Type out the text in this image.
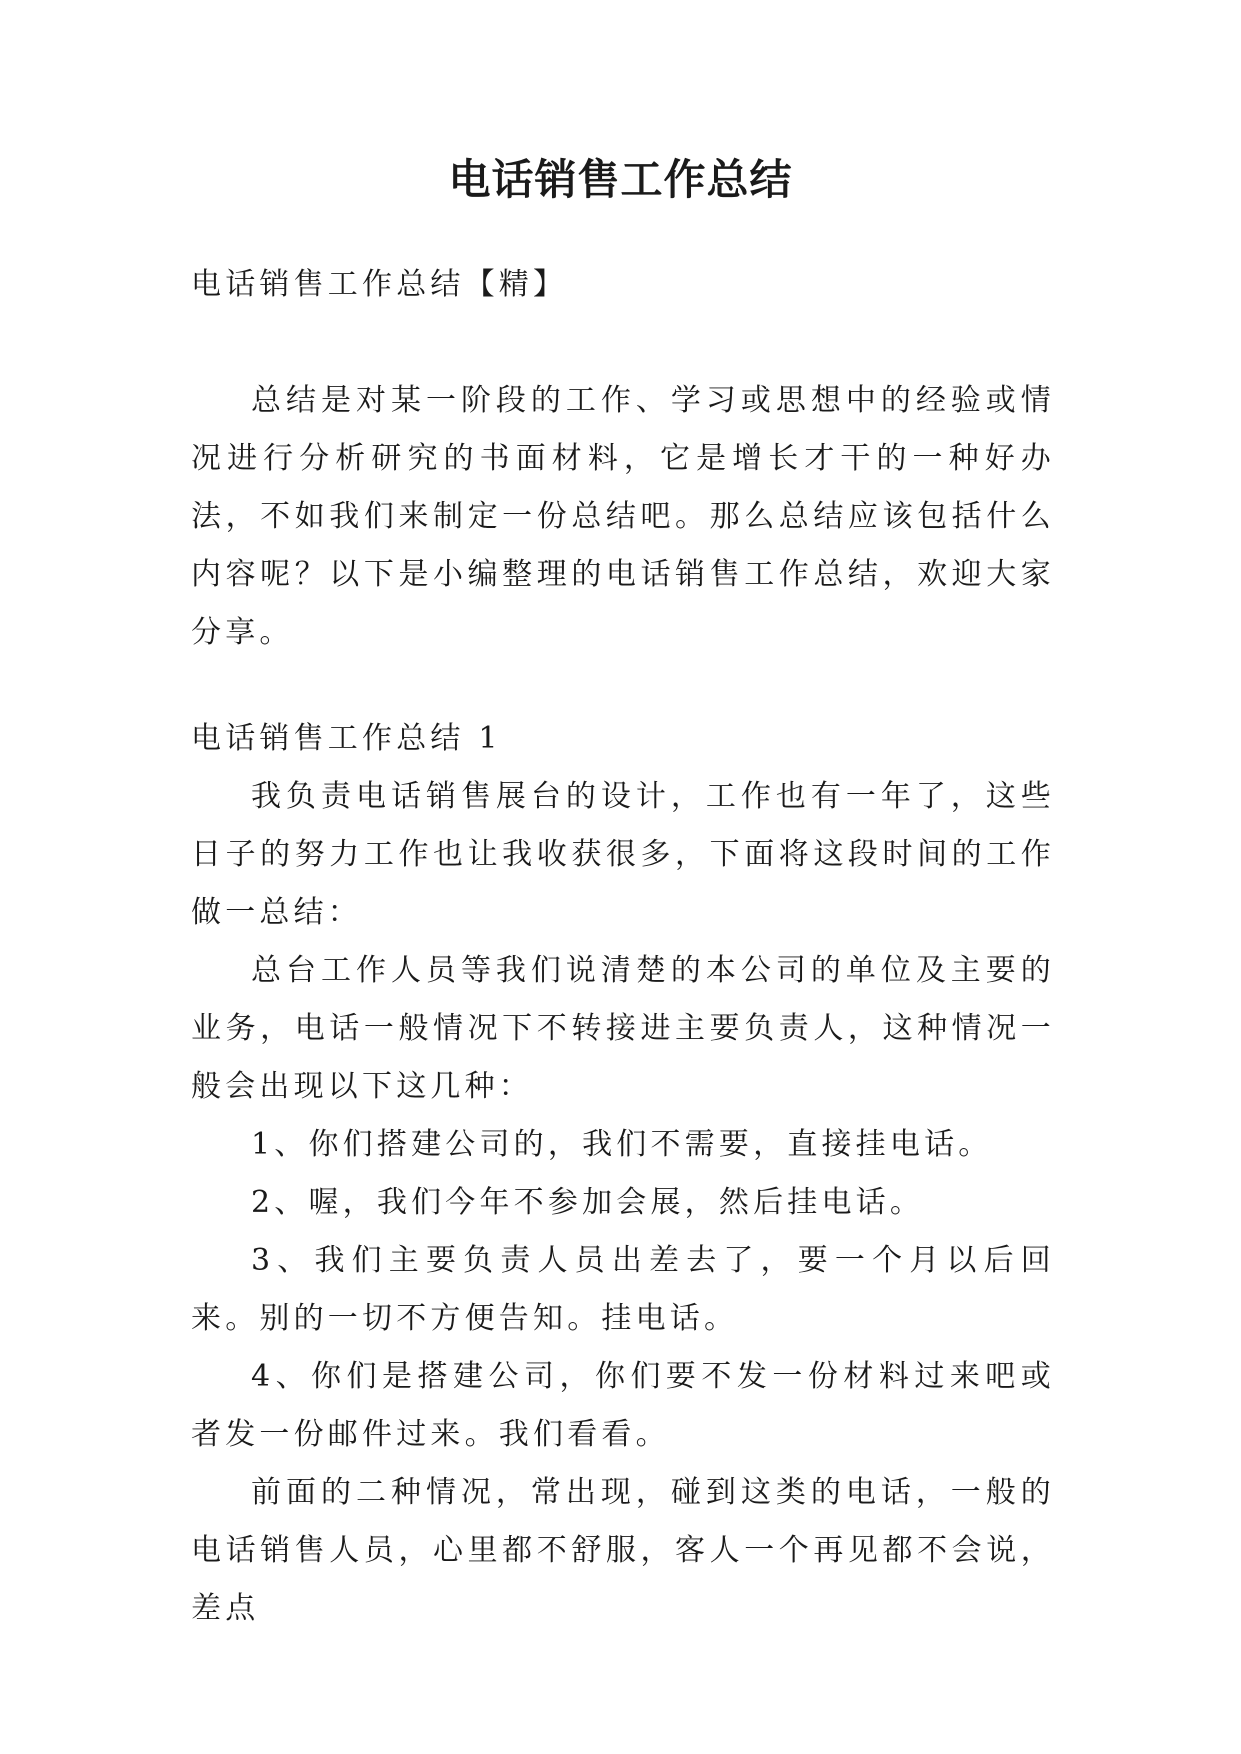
电话销售工作总结

电话销售工作总结【精】

总结是对某一阶段的工作、学习或思想中的经验或情况进行分析研究的书面材料，它是增长才干的一种好办法，不如我们来制定一份总结吧。那么总结应该包括什么内容呢？以下是小编整理的电话销售工作总结，欢迎大家分享。

电话销售工作总结 1

我负责电话销售展台的设计，工作也有一年了，这些日子的努力工作也让我收获很多，下面将这段时间的工作做一总结：

总台工作人员等我们说清楚的本公司的单位及主要的业务，电话一般情况下不转接进主要负责人，这种情况一般会出现以下这几种：

1、你们搭建公司的，我们不需要，直接挂电话。

2、喔，我们今年不参加会展，然后挂电话。

3、我们主要负责人员出差去了，要一个月以后回来。别的一切不方便告知。挂电话。

4、你们是搭建公司，你们要不发一份材料过来吧或者发一份邮件过来。我们看看。

前面的二种情况，常出现，碰到这类的电话，一般的电话销售人员，心里都不舒服，客人一个再见都不会说，差点
